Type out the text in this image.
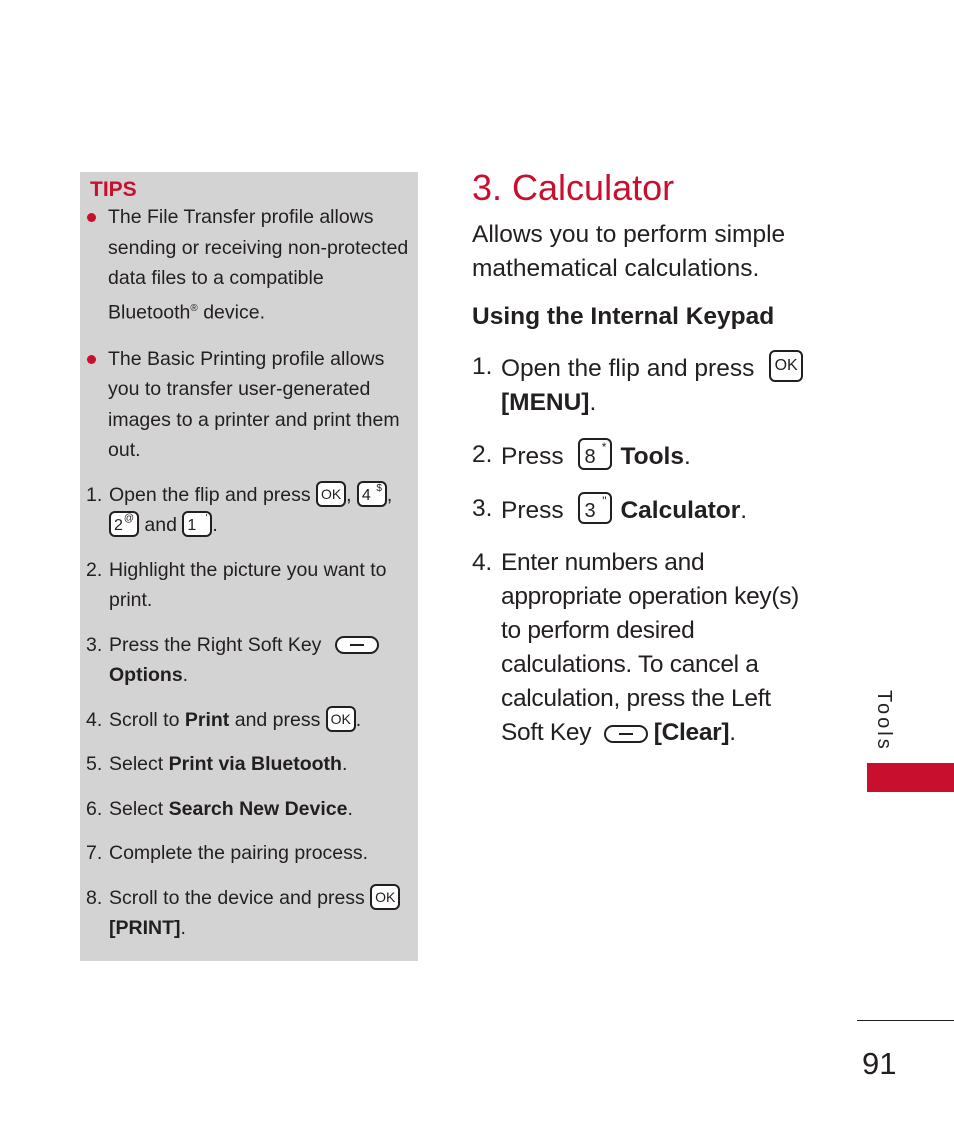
TIPS
The File Transfer profile allows sending or receiving non-protected data files to a compatible Bluetooth® device.
The Basic Printing profile allows you to transfer user-generated images to a printer and print them out.
1. Open the flip and press OK , 4 $ ,

2 @ and 1 ' .
2. Highlight the picture you want to print.
3. Press the Right Soft Key
Options.
4. Scroll to Print and press OK .
5. Select Print via Bluetooth.
6. Select Search New Device.
7. Complete the pairing process.
8. Scroll to the device and press OK

[PRINT].
3. Calculator
Allows you to perform simple mathematical calculations.
Using the Internal Keypad
1. Open the flip and press OK

[MENU].
2. Press 8 * Tools.
3. Press 3 " Calculator.
4. Enter numbers and appropriate operation key(s) to perform desired calculations. To cancel a calculation, press the Left Soft Key	[Clear].	Tools
91
